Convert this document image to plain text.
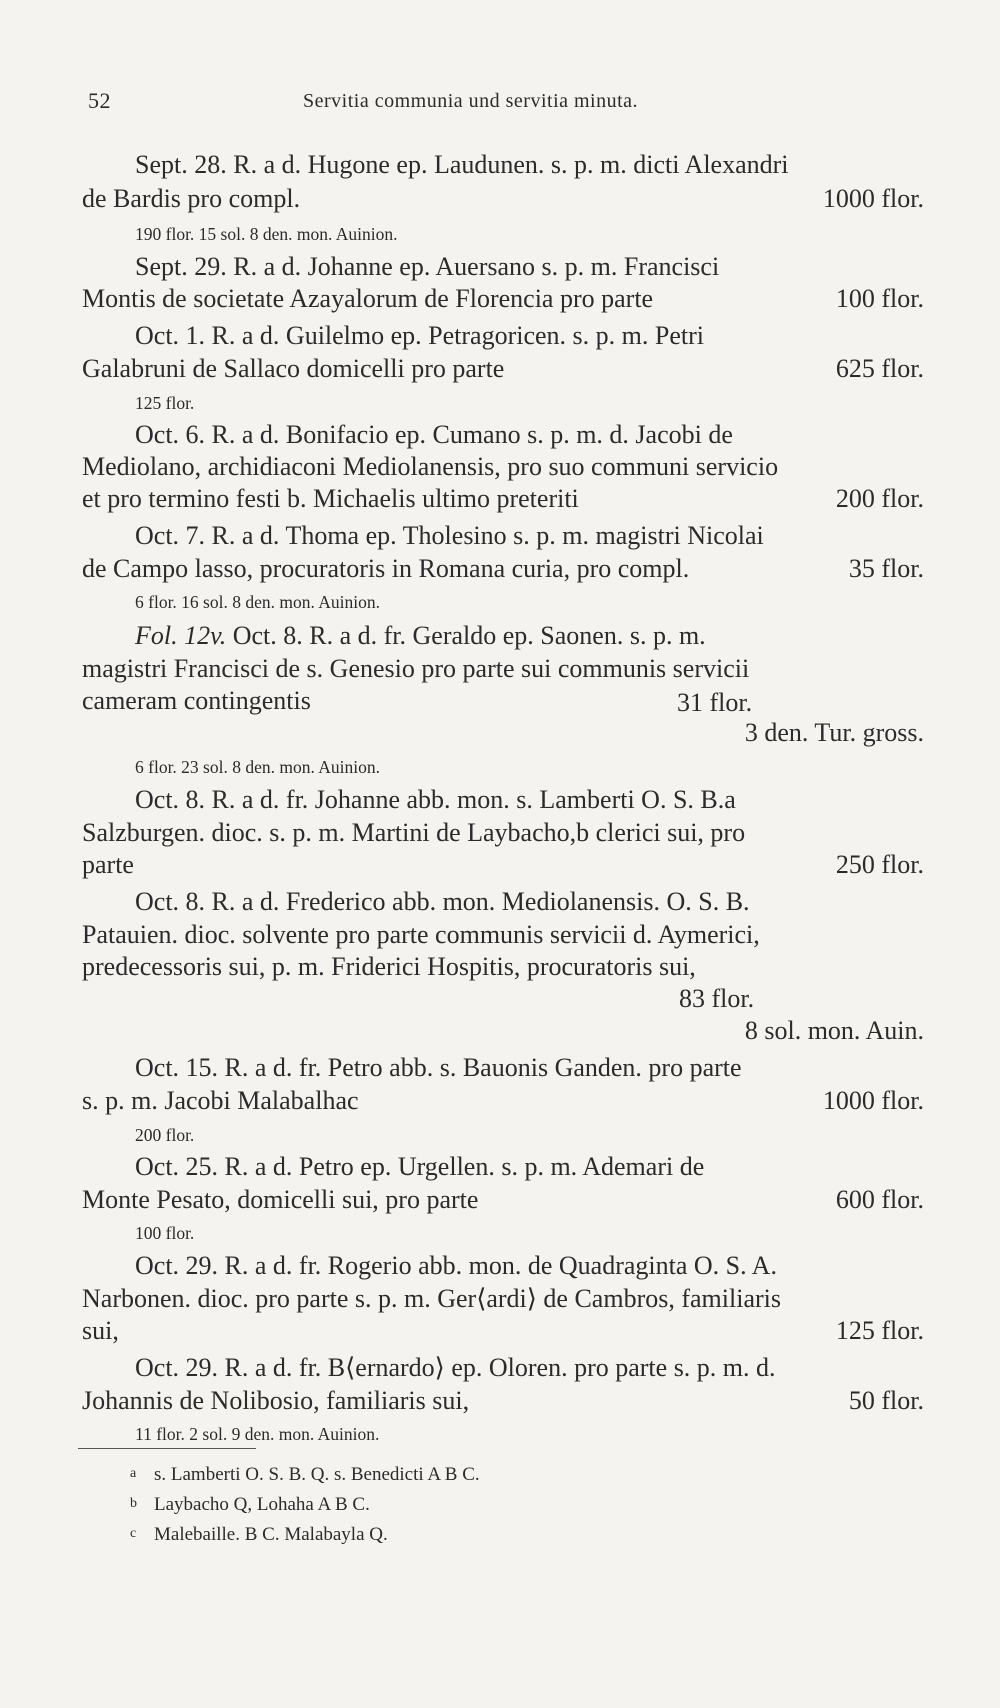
52	Servitia communia und servitia minuta.
Sept. 28. R. a d. Hugone ep. Laudunen. s. p. m. dicti Alexandri
de Bardis pro compl.	1000 flor.
190 flor. 15 sol. 8 den. mon. Auinion.
Sept. 29. R. a d. Johanne ep. Auersano s. p. m. Francisci
Montis de societate Azayalorum de Florencia pro parte	100 flor.
Oct. 1. R. a d. Guilelmo ep. Petragoricen. s. p. m. Petri
Galabruni de Sallaco domicelli pro parte	625 flor.
125 flor.
Oct. 6. R. a d. Bonifacio ep. Cumano s. p. m. d. Jacobi de
Mediolano, archidiaconi Mediolanensis, pro suo communi servicio
et pro termino festi b. Michaelis ultimo preteriti	200 flor.
Oct. 7. R. a d. Thoma ep. Tholesino s. p. m. magistri Nicolai
de Campo lasso, procuratoris in Romana curia, pro compl.	35 flor.
6 flor. 16 sol. 8 den. mon. Auinion.
Fol. 12v. Oct. 8. R. a d. fr. Geraldo ep. Saonen. s. p. m.
magistri Francisci de s. Genesio pro parte sui communis servicii
cameram contingentis	31 flor.
3 den. Tur. gross.
6 flor. 23 sol. 8 den. mon. Auinion.
Oct. 8. R. a d. fr. Johanne abb. mon. s. Lamberti O. S. B.a
Salzburgen. dioc. s. p. m. Martini de Laybacho,b clerici sui, pro
parte	250 flor.
Oct. 8. R. a d. Frederico abb. mon. Mediolanensis. O. S. B.
Patauien. dioc. solvente pro parte communis servicii d. Aymerici,
predecessoris sui, p. m. Friderici Hospitis, procuratoris sui,
83 flor.
8 sol. mon. Auin.
Oct. 15. R. a d. fr. Petro abb. s. Bauonis Ganden. pro parte
s. p. m. Jacobi Malabalhac	1000 flor.
200 flor.
Oct. 25. R. a d. Petro ep. Urgellen. s. p. m. Ademari de
Monte Pesato, domicelli sui, pro parte	600 flor.
100 flor.
Oct. 29. R. a d. fr. Rogerio abb. mon. de Quadraginta O. S. A.
Narbonen. dioc. pro parte s. p. m. Ger⟨ardi⟩ de Cambros, familiaris
sui,	125 flor.
Oct. 29. R. a d. fr. B⟨ernardo⟩ ep. Oloren. pro parte s. p. m. d.
Johannis de Nolibosio, familiaris sui,	50 flor.
11 flor. 2 sol. 9 den. mon. Auinion.
a s. Lamberti O. S. B. Q. s. Benedicti A B C.
b Laybacho Q, Lohaha A B C.
c Malebaille. B C. Malabayla Q.
